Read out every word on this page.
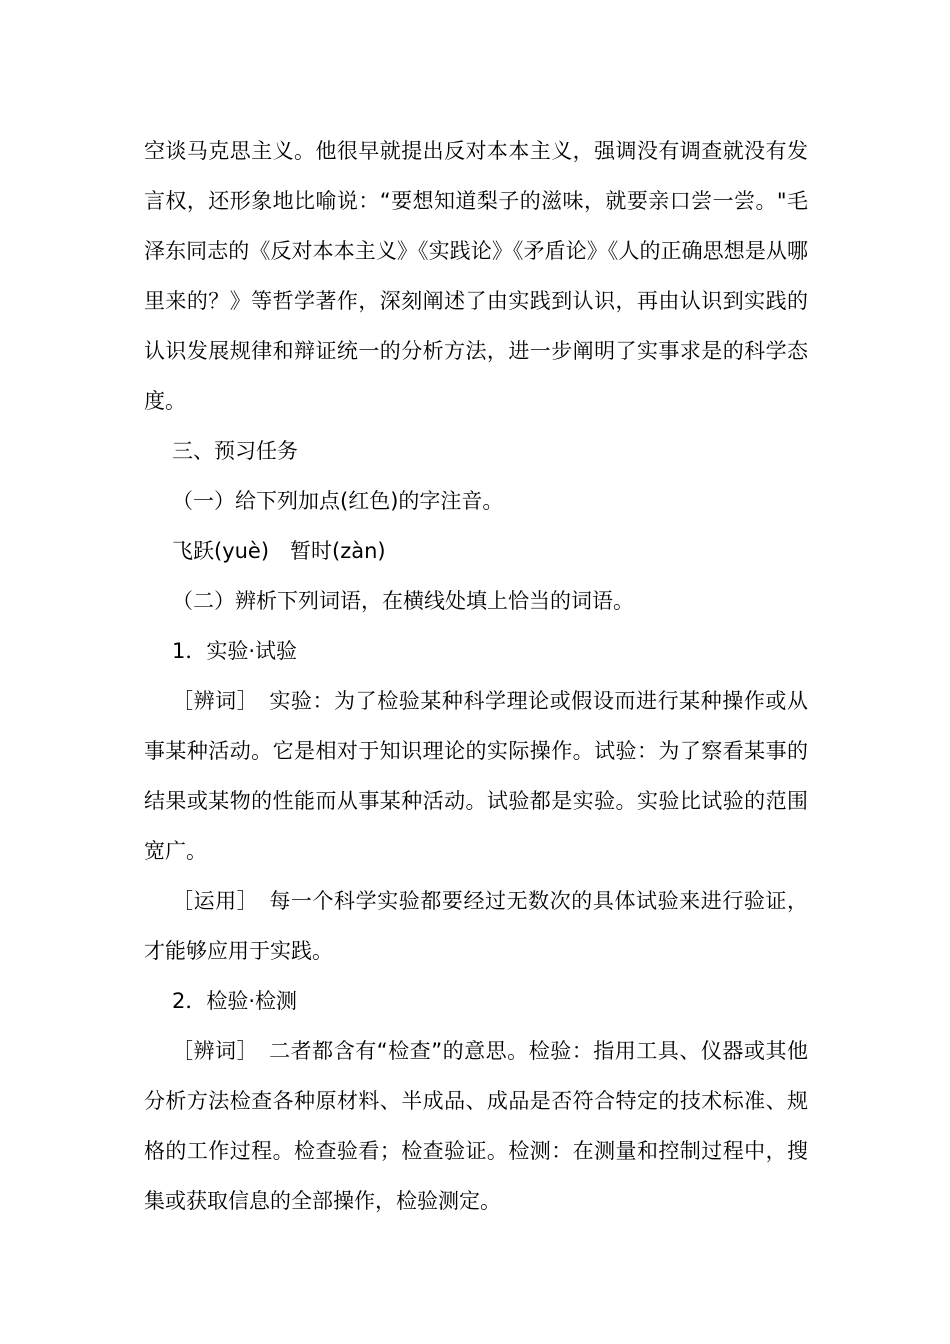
空谈马克思主义。他很早就提出反对本本主义，强调没有调查就没有发言权，还形象地比喻说：“要想知道梨子的滋味，就要亲口尝一尝。"毛泽东同志的《反对本本主义》《实践论》《矛盾论》《人的正确思想是从哪里来的？》等哲学著作，深刻阐述了由实践到认识，再由认识到实践的认识发展规律和辩证统一的分析方法，进一步阐明了实事求是的科学态度。

三、预习任务

（一）给下列加点(红色)的字注音。

飞跃(yuè)　暂时(zàn)

（二）辨析下列词语，在横线处填上恰当的词语。

1．实验·试验

［辨词］　实验：为了检验某种科学理论或假设而进行某种操作或从事某种活动。它是相对于知识理论的实际操作。试验：为了察看某事的结果或某物的性能而从事某种活动。试验都是实验。实验比试验的范围宽广。

［运用］　每一个科学实验都要经过无数次的具体试验来进行验证，才能够应用于实践。

2．检验·检测

［辨词］　二者都含有“检查”的意思。检验：指用工具、仪器或其他分析方法检查各种原材料、半成品、成品是否符合特定的技术标准、规格的工作过程。检查验看；检查验证。检测：在测量和控制过程中，搜集或获取信息的全部操作，检验测定。
